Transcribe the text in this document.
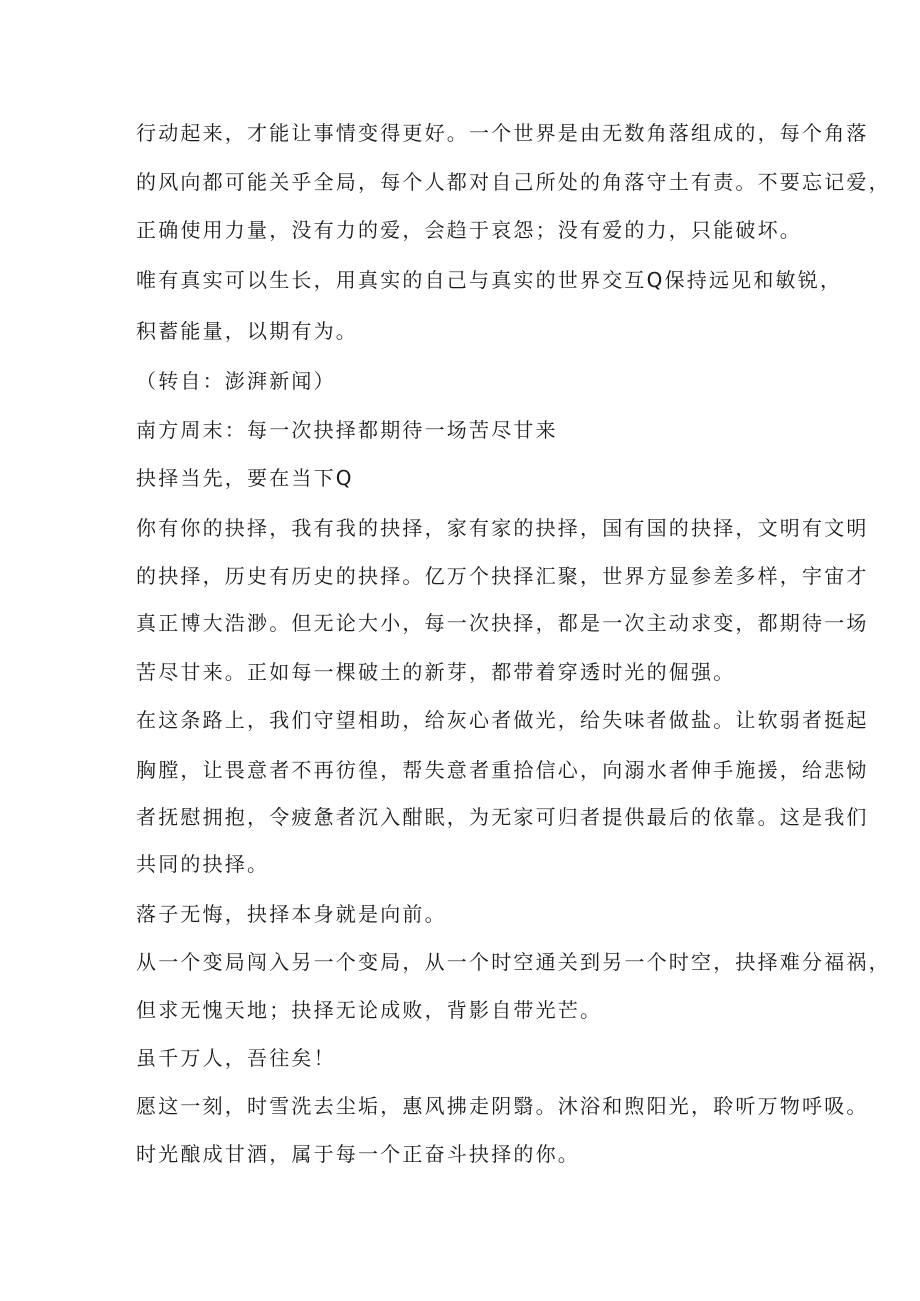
行动起来，才能让事情变得更好。一个世界是由无数角落组成的，每个角落
的风向都可能关乎全局，每个人都对自己所处的角落守土有责。不要忘记爱，
正确使用力量，没有力的爱，会趋于哀怨；没有爱的力，只能破坏。
唯有真实可以生长，用真实的自己与真实的世界交互Q保持远见和敏锐，
积蓄能量，以期有为。
（转自：澎湃新闻）
南方周末：每一次抉择都期待一场苦尽甘来
抉择当先，要在当下Q
你有你的抉择，我有我的抉择，家有家的抉择，国有国的抉择，文明有文明
的抉择，历史有历史的抉择。亿万个抉择汇聚，世界方显参差多样，宇宙才
真正博大浩渺。但无论大小，每一次抉择，都是一次主动求变，都期待一场
苦尽甘来。正如每一棵破土的新芽，都带着穿透时光的倔强。
在这条路上，我们守望相助，给灰心者做光，给失味者做盐。让软弱者挺起
胸膛，让畏意者不再彷徨，帮失意者重拾信心，向溺水者伸手施援，给悲恸
者抚慰拥抱，令疲惫者沉入酣眠，为无家可归者提供最后的依靠。这是我们
共同的抉择。
落子无悔，抉择本身就是向前。
从一个变局闯入另一个变局，从一个时空通关到另一个时空，抉择难分福祸，
但求无愧天地；抉择无论成败，背影自带光芒。
虽千万人，吾往矣！
愿这一刻，时雪洗去尘垢，惠风拂走阴翳。沐浴和煦阳光，聆听万物呼吸。
时光酿成甘酒，属于每一个正奋斗抉择的你。
